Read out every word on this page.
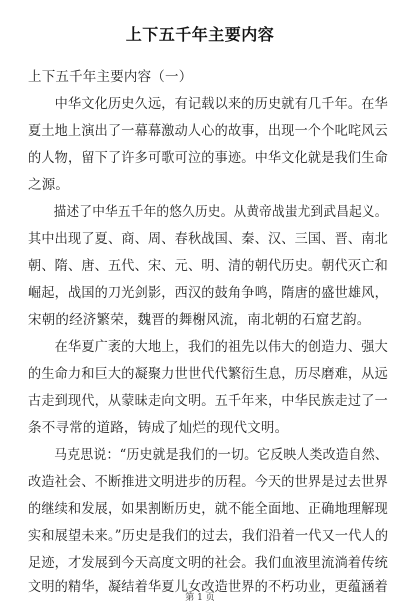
上下五千年主要内容
上下五千年主要内容（一）
　　中华文化历史久远，有记载以来的历史就有几千年。在华
夏土地上演出了一幕幕激动人心的故事，出现一个个叱咤风云
的人物，留下了许多可歌可泣的事迹。中华文化就是我们生命
之源。
　　描述了中华五千年的悠久历史。从黄帝战蚩尤到武昌起义。
其中出现了夏、商、周、春秋战国、秦、汉、三国、晋、南北
朝、隋、唐、五代、宋、元、明、清的朝代历史。朝代灭亡和
崛起，战国的刀光剑影，西汉的鼓角争鸣，隋唐的盛世雄风，
宋朝的经济繁荣，魏晋的舞榭风流，南北朝的石窟艺韵。
　　在华夏广袤的大地上，我们的祖先以伟大的创造力、强大
的生命力和巨大的凝聚力世世代代繁衍生息，历尽磨难，从远
古走到现代，从蒙昧走向文明。五千年来，中华民族走过了一
条不寻常的道路，铸成了灿烂的现代文明。
　　马克思说：“历史就是我们的一切。它反映人类改造自然、
改造社会、不断推进文明进步的历程。今天的世界是过去世界
的继续和发展，如果割断历史，就不能全面地、正确地理解现
实和展望未来。”历史是我们的过去，我们沿着一代又一代人的
足迹，才发展到今天高度文明的社会。我们血液里流淌着传统
文明的精华，凝结着华夏儿女改造世界的不朽功业，更蕴涵着
第 1 页
